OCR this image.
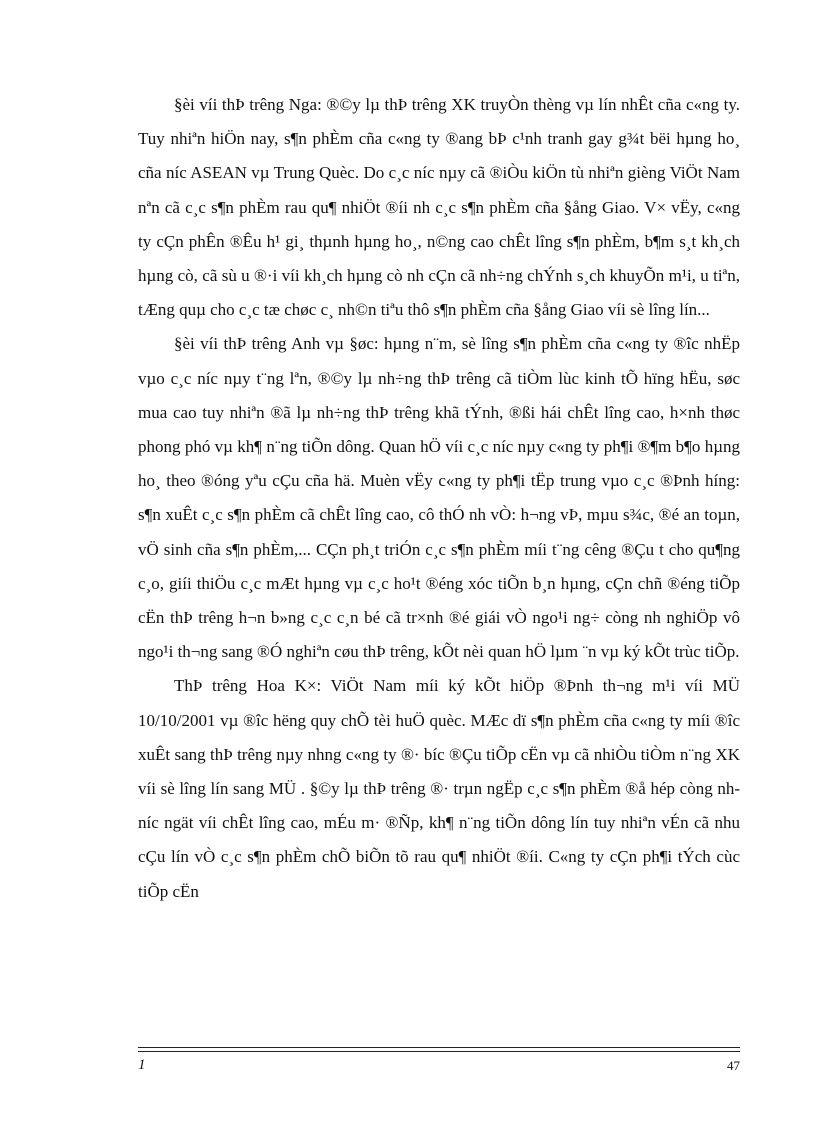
§èi víi thÞ trêng Nga: ®©y lµ thÞ trêng XK truyÒn thèng vµ lín nhÊt cña c«ng ty. Tuy nhiªn hiÖn nay, s¶n phÈm cña c«ng ty ®ang bÞ c¹nh tranh gay g¾t bëi hµng ho¸ cña níc ASEAN vµ Trung Quèc. Do c¸c níc nµy cã ®iÒu kiÖn tù nhiªn gièng ViÖt Nam nªn cã c¸c s¶n phÈm rau qu¶ nhiÖt ®íi nh c¸c s¶n phÈm cña §ång Giao. V× vËy, c«ng ty cÇn phÊn ®Êu h¹ gi¸ thµnh hµng ho¸, n©ng cao chÊt lîng s¶n phÈm, b¶m s¸t kh¸ch hµng cò, cã sù u ®·i víi kh¸ch hµng cò nh cÇn cã nh÷ng chÝnh s¸ch khuyÕn m¹i, u tiªn, tÆng quµ cho c¸c tæ chøc c¸ nh©n tiªu thô s¶n phÈm cña §ång Giao víi sè lîng lín...

§èi víi thÞ trêng Anh vµ §øc: hµng n¨m, sè lîng s¶n phÈm cña c«ng ty ®îc nhËp vµo c¸c níc nµy t¨ng lªn, ®©y lµ nh÷ng thÞ trêng cã tiÒm lùc kinh tÕ hïng hËu, søc mua cao tuy nhiªn ®ã lµ nh÷ng thÞ trêng khã tÝnh, ®ßi hái chÊt lîng cao, h×nh thøc phong phó vµ kh¶ n¨ng tiÕn dông. Quan hÖ víi c¸c níc nµy c«ng ty ph¶i ®¶m b¶o hµng ho¸ theo ®óng yªu cÇu cña hä. Muèn vËy c«ng ty ph¶i tËp trung vµo c¸c ®Þnh híng: s¶n xuÊt c¸c s¶n phÈm cã chÊt lîng cao, cô thÓ nh vÒ: h¬ng vÞ, mµu s¾c, ®é an toµn, vÖ sinh cña s¶n phÈm,... CÇn ph¸t triÓn c¸c s¶n phÈm míi t¨ng cêng ®Çu t cho qu¶ng c¸o, giíi thiÖu c¸c mÆt hµng vµ c¸c ho¹t ®éng xóc tiÕn b¸n hµng, cÇn chñ ®éng tiÕp cËn thÞ trêng h¬n b»ng c¸c c¸n bé cã tr×nh ®é giái vÒ ngo¹i ng÷ còng nh nghiÖp vô ngo¹i th¬ng sang ®Ó nghiªn cøu thÞ trêng, kÕt nèi quan hÖ lµm ¨n vµ ký kÕt trùc tiÕp.

ThÞ trêng Hoa K×: ViÖt Nam míi ký kÕt hiÖp ®Þnh th¬ng m¹i víi MÜ 10/10/2001 vµ ®îc hëng quy chÕ tèi huÖ quèc. MÆc dï s¶n phÈm cña c«ng ty míi ®îc xuÊt sang thÞ trêng nµy nhng c«ng ty ®· bíc ®Çu tiÕp cËn vµ cã nhiÒu tiÒm n¨ng XK víi sè lîng lín sang MÜ . §©y lµ thÞ trêng ®· trµn ngËp c¸c s¶n phÈm ®å hép còng nh níc ngät víi chÊt lîng cao, mÉu m· ®Ñp, kh¶ n¨ng tiÕn dông lín tuy nhiªn vÉn cã nhu cÇu lín vÒ c¸c s¶n phÈm chÕ biÕn tõ rau qu¶ nhiÖt ®íi. C«ng ty cÇn ph¶i tÝch cùc tiÕp cËn

1	47
